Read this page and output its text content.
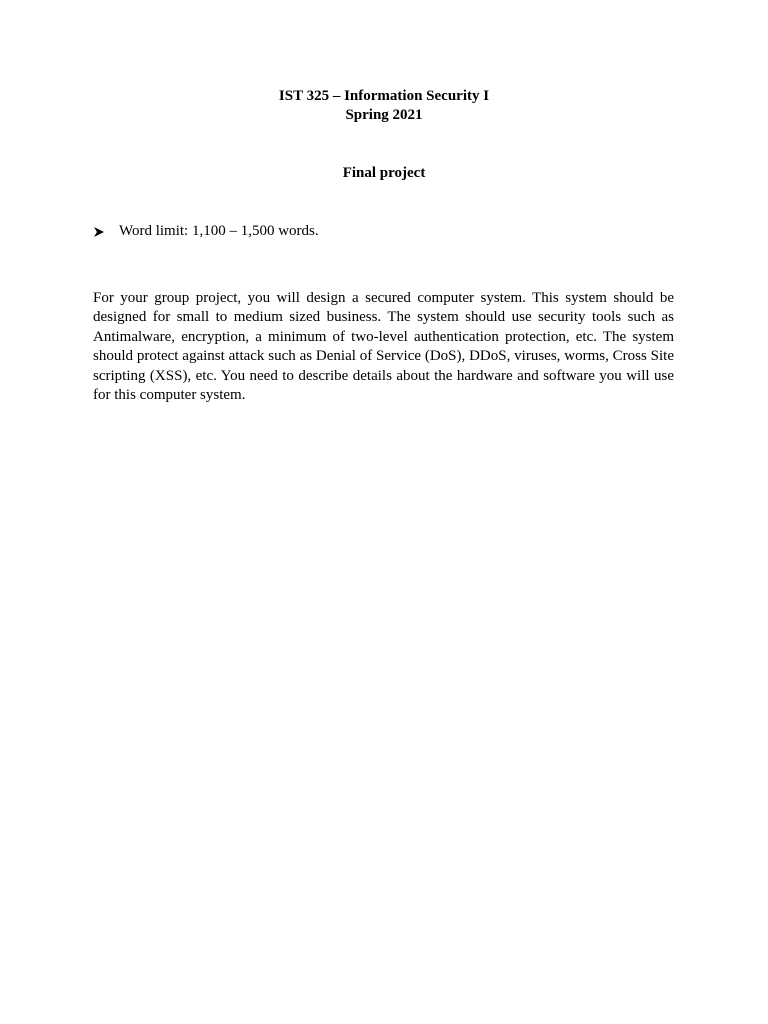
IST 325 – Information Security I
Spring 2021
Final project
Word limit: 1,100 – 1,500 words.

For your group project, you will design a secured computer system. This system should be designed for small to medium sized business. The system should use security tools such as Antimalware, encryption, a minimum of two-level authentication protection, etc. The system should protect against attack such as Denial of Service (DoS), DDoS, viruses, worms, Cross Site scripting (XSS), etc. You need to describe details about the hardware and software you will use for this computer system.
